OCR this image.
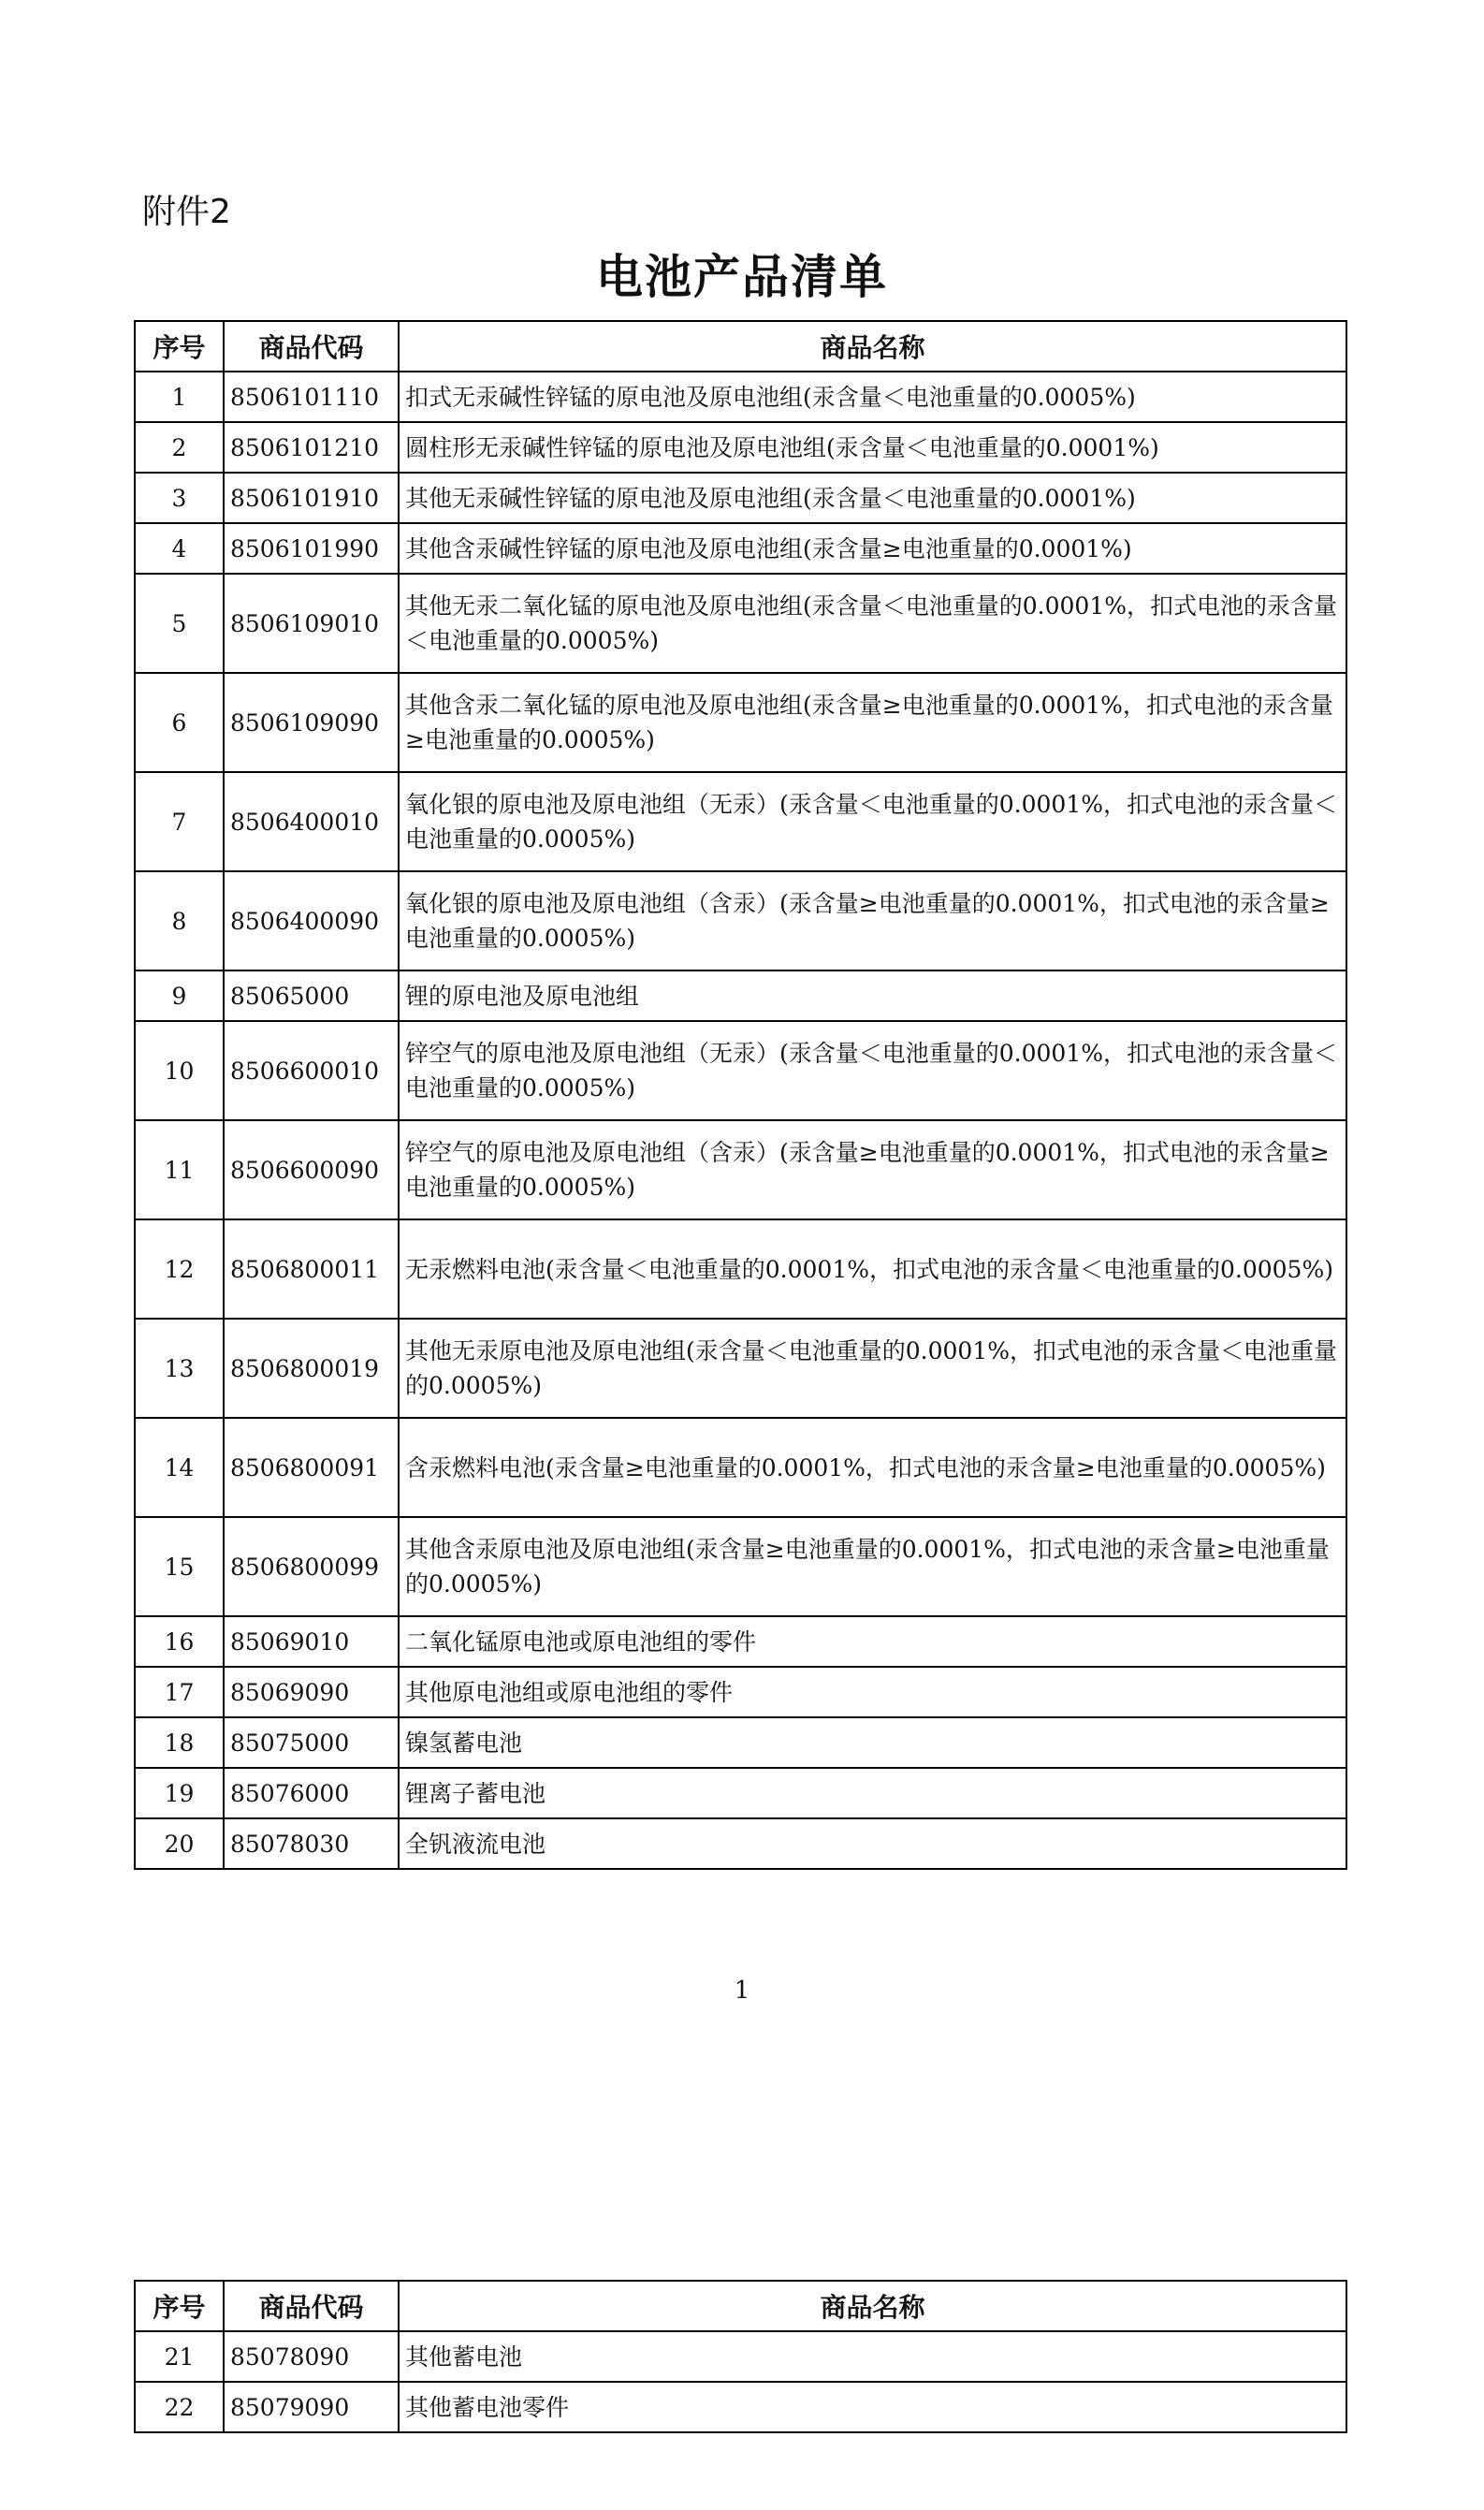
附件2
电池产品清单
序号	商品代码	商品名称
1	8506101110	扣式无汞碱性锌锰的原电池及原电池组(汞含量＜电池重量的0.0005%)
2	8506101210	圆柱形无汞碱性锌锰的原电池及原电池组(汞含量＜电池重量的0.0001%)
3	8506101910	其他无汞碱性锌锰的原电池及原电池组(汞含量＜电池重量的0.0001%)
4	8506101990	其他含汞碱性锌锰的原电池及原电池组(汞含量≥电池重量的0.0001%)
5	8506109010	其他无汞二氧化锰的原电池及原电池组(汞含量＜电池重量的0.0001%，扣式电池的汞含量＜电池重量的0.0005%)
6	8506109090	其他含汞二氧化锰的原电池及原电池组(汞含量≥电池重量的0.0001%，扣式电池的汞含量≥电池重量的0.0005%)
7	8506400010	氧化银的原电池及原电池组（无汞）(汞含量＜电池重量的0.0001%，扣式电池的汞含量＜电池重量的0.0005%)
8	8506400090	氧化银的原电池及原电池组（含汞）(汞含量≥电池重量的0.0001%，扣式电池的汞含量≥电池重量的0.0005%)
9	85065000	锂的原电池及原电池组
10	8506600010	锌空气的原电池及原电池组（无汞）(汞含量＜电池重量的0.0001%，扣式电池的汞含量＜电池重量的0.0005%)
11	8506600090	锌空气的原电池及原电池组（含汞）(汞含量≥电池重量的0.0001%，扣式电池的汞含量≥电池重量的0.0005%)
12	8506800011	无汞燃料电池(汞含量＜电池重量的0.0001%，扣式电池的汞含量＜电池重量的0.0005%)
13	8506800019	其他无汞原电池及原电池组(汞含量＜电池重量的0.0001%，扣式电池的汞含量＜电池重量的0.0005%)
14	8506800091	含汞燃料电池(汞含量≥电池重量的0.0001%，扣式电池的汞含量≥电池重量的0.0005%)
15	8506800099	其他含汞原电池及原电池组(汞含量≥电池重量的0.0001%，扣式电池的汞含量≥电池重量的0.0005%)
16	85069010	二氧化锰原电池或原电池组的零件
17	85069090	其他原电池组或原电池组的零件
18	85075000	镍氢蓄电池
19	85076000	锂离子蓄电池
20	85078030	全钒液流电池
1
序号	商品代码	商品名称
21	85078090	其他蓄电池
22	85079090	其他蓄电池零件
